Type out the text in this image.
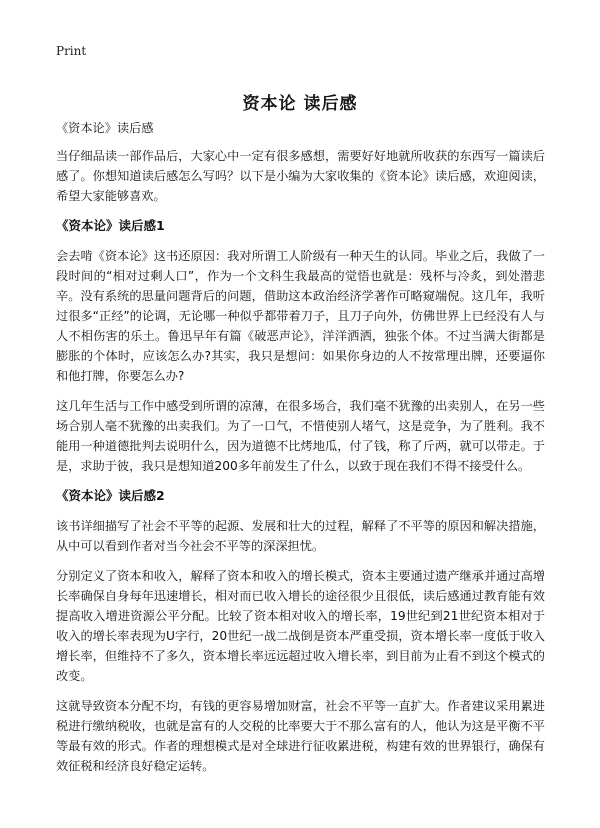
Print
资本论 读后感
《资本论》读后感

当仔细品读一部作品后，大家心中一定有很多感想，需要好好地就所收获的东西写一篇读后感了。你想知道读后感怎么写吗？以下是小编为大家收集的《资本论》读后感，欢迎阅读，希望大家能够喜欢。

《资本论》读后感1

会去啃《资本论》这书还原因：我对所谓工人阶级有一种天生的认同。毕业之后，我做了一段时间的“相对过剩人口”，作为一个文科生我最高的觉悟也就是：残杯与冷炙，到处潜悲辛。没有系统的思量问题背后的问题，借助这本政治经济学著作可略窥端倪。这几年，我听过很多“正经”的论调，无论哪一种似乎都带着刀子，且刀子向外，仿佛世界上已经没有人与人不相伤害的乐土。鲁迅早年有篇《破恶声论》，洋洋洒洒，独张个体。不过当满大街都是膨胀的个体时，应该怎么办?其实，我只是想问：如果你身边的人不按常理出牌，还要逼你和他打牌，你要怎么办?

这几年生活与工作中感受到所谓的凉薄，在很多场合，我们毫不犹豫的出卖别人，在另一些场合别人毫不犹豫的出卖我们。为了一口气，不惜使别人堵气，这是竞争，为了胜利。我不能用一种道德批判去说明什么，因为道德不比烤地瓜，付了钱，称了斤两，就可以带走。于是，求助于彼，我只是想知道200多年前发生了什么，以致于现在我们不得不接受什么。

《资本论》读后感2

该书详细描写了社会不平等的起源、发展和壮大的过程，解释了不平等的原因和解决措施，从中可以看到作者对当今社会不平等的深深担忧。

分别定义了资本和收入，解释了资本和收入的增长模式，资本主要通过遗产继承并通过高增长率确保自身每年迅速增长，相对而已收入增长的途径很少且很低，读后感通过教育能有效提高收入增进资源公平分配。比较了资本相对收入的增长率，19世纪到21世纪资本相对于收入的增长率表现为U字行，20世纪一战二战倒是资本严重受损，资本增长率一度低于收入增长率，但维持不了多久，资本增长率远远超过收入增长率，到目前为止看不到这个模式的改变。

这就导致资本分配不均，有钱的更容易增加财富，社会不平等一直扩大。作者建议采用累进税进行缴纳税收，也就是富有的人交税的比率要大于不那么富有的人，他认为这是平衡不平等最有效的形式。作者的理想模式是对全球进行征收累进税，构建有效的世界银行，确保有效征税和经济良好稳定运转。
